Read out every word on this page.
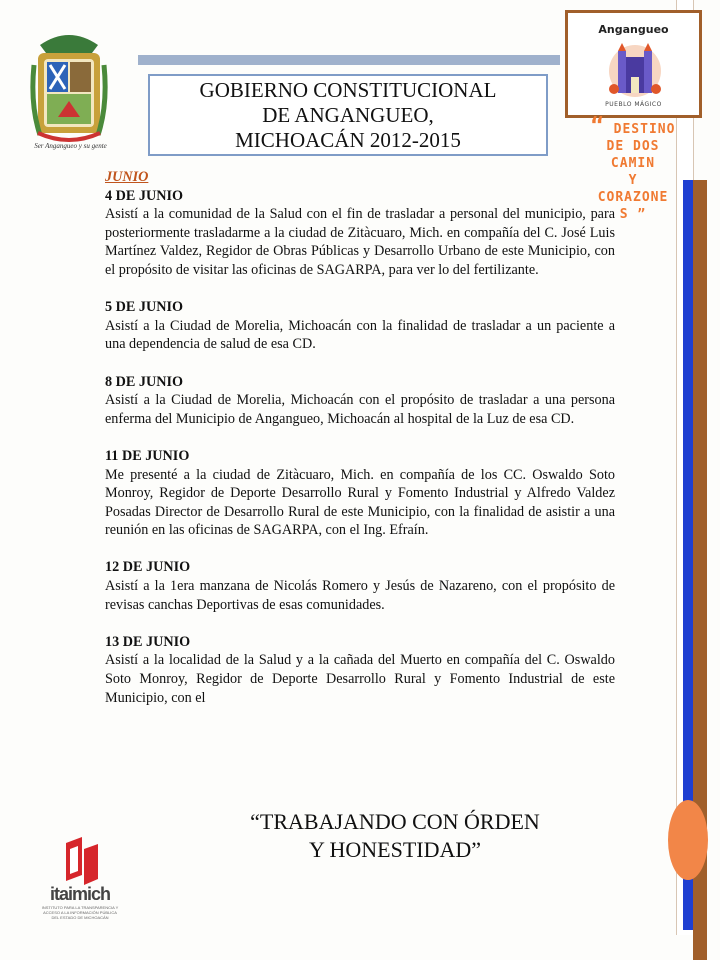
Ser Angangueo y su gente
GOBIERNO CONSTITUCIONAL
DE ANGANGUEO,
MICHOACÁN 2012-2015
Angangueo
PUEBLO MÁGICO
“ DESTINO
DE DOS
CAMIN
Y
CORAZONE
S ”
JUNIO
4 DE JUNIO
Asistí a la comunidad de la Salud con el fin de trasladar a personal del municipio, para posteriormente trasladarme a la ciudad de Zitàcuaro, Mich. en compañía del C. José Luis Martínez Valdez, Regidor de Obras Públicas y Desarrollo Urbano de este Municipio, con el propósito de visitar las oficinas de SAGARPA, para ver lo del fertilizante.
5 DE JUNIO
Asistí a la Ciudad de Morelia, Michoacán con la finalidad de trasladar a un paciente a una dependencia de salud de esa CD.
8 DE JUNIO
Asistí a la Ciudad de Morelia, Michoacán con el propósito de trasladar a una persona enferma del Municipio de Angangueo, Michoacán al hospital de la Luz de esa CD.
11 DE JUNIO
Me presenté a la ciudad de Zitàcuaro, Mich. en compañía de los CC. Oswaldo Soto Monroy, Regidor de Deporte Desarrollo Rural y Fomento Industrial y Alfredo Valdez Posadas Director de Desarrollo Rural de este Municipio, con la finalidad de asistir a una reunión en las oficinas de SAGARPA, con el Ing. Efraín.
12 DE JUNIO
Asistí a la 1era manzana de Nicolás Romero y Jesús de Nazareno, con el propósito de revisas canchas Deportivas de esas comunidades.
13 DE JUNIO
Asistí a la localidad de la Salud y a la cañada del Muerto en compañía del C. Oswaldo Soto Monroy, Regidor de Deporte Desarrollo Rural y Fomento Industrial de este Municipio, con el
“TRABAJANDO CON ÓRDEN
Y HONESTIDAD”
itaimich
INSTITUTO PARA LA TRANSPARENCIA Y ACCESO A LA INFORMACIÓN PÚBLICA DEL ESTADO DE MICHOACÁN
